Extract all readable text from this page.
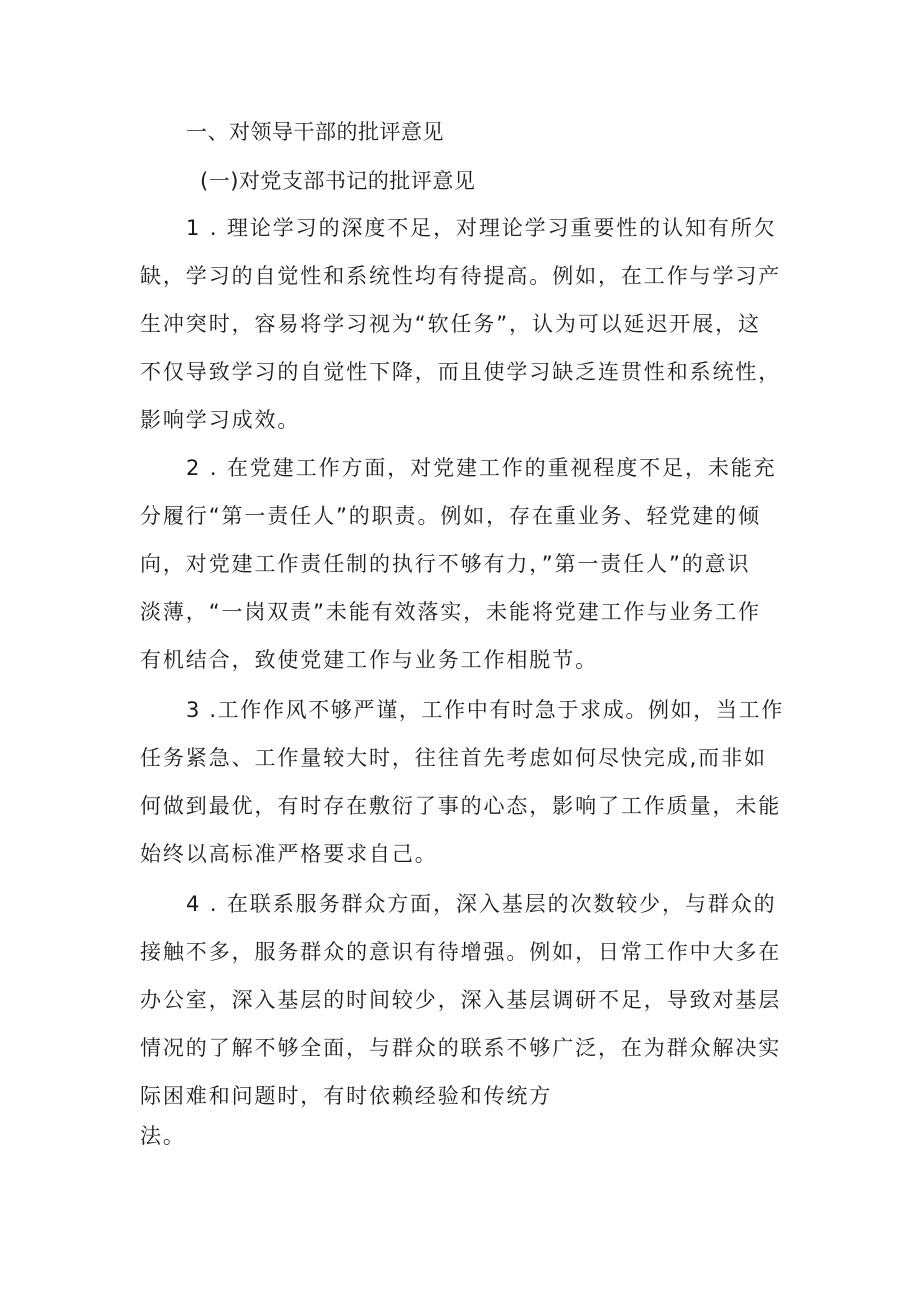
一、对领导干部的批评意见
(一)对党支部书记的批评意见
1 . 理论学习的深度不足，对理论学习重要性的认知有所欠
缺，学习的自觉性和系统性均有待提高。例如，在工作与学习产
生冲突时，容易将学习视为“软任务”，认为可以延迟开展，这
不仅导致学习的自觉性下降，而且使学习缺乏连贯性和系统性，
影响学习成效。
2 . 在党建工作方面，对党建工作的重视程度不足，未能充
分履行“第一责任人”的职责。例如，存在重业务、轻党建的倾
向，对党建工作责任制的执行不够有力，”第一责任人”的意识
淡薄，“一岗双责”未能有效落实，未能将党建工作与业务工作
有机结合，致使党建工作与业务工作相脱节。
3 .工作作风不够严谨，工作中有时急于求成。例如，当工作
任务紧急、工作量较大时，往往首先考虑如何尽快完成,而非如
何做到最优，有时存在敷衍了事的心态，影响了工作质量，未能
始终以高标准严格要求自己。
4 . 在联系服务群众方面，深入基层的次数较少，与群众的
接触不多，服务群众的意识有待增强。例如，日常工作中大多在
办公室，深入基层的时间较少，深入基层调研不足，导致对基层
情况的了解不够全面，与群众的联系不够广泛，在为群众解决实
际困难和问题时，有时依赖经验和传统方
法。
